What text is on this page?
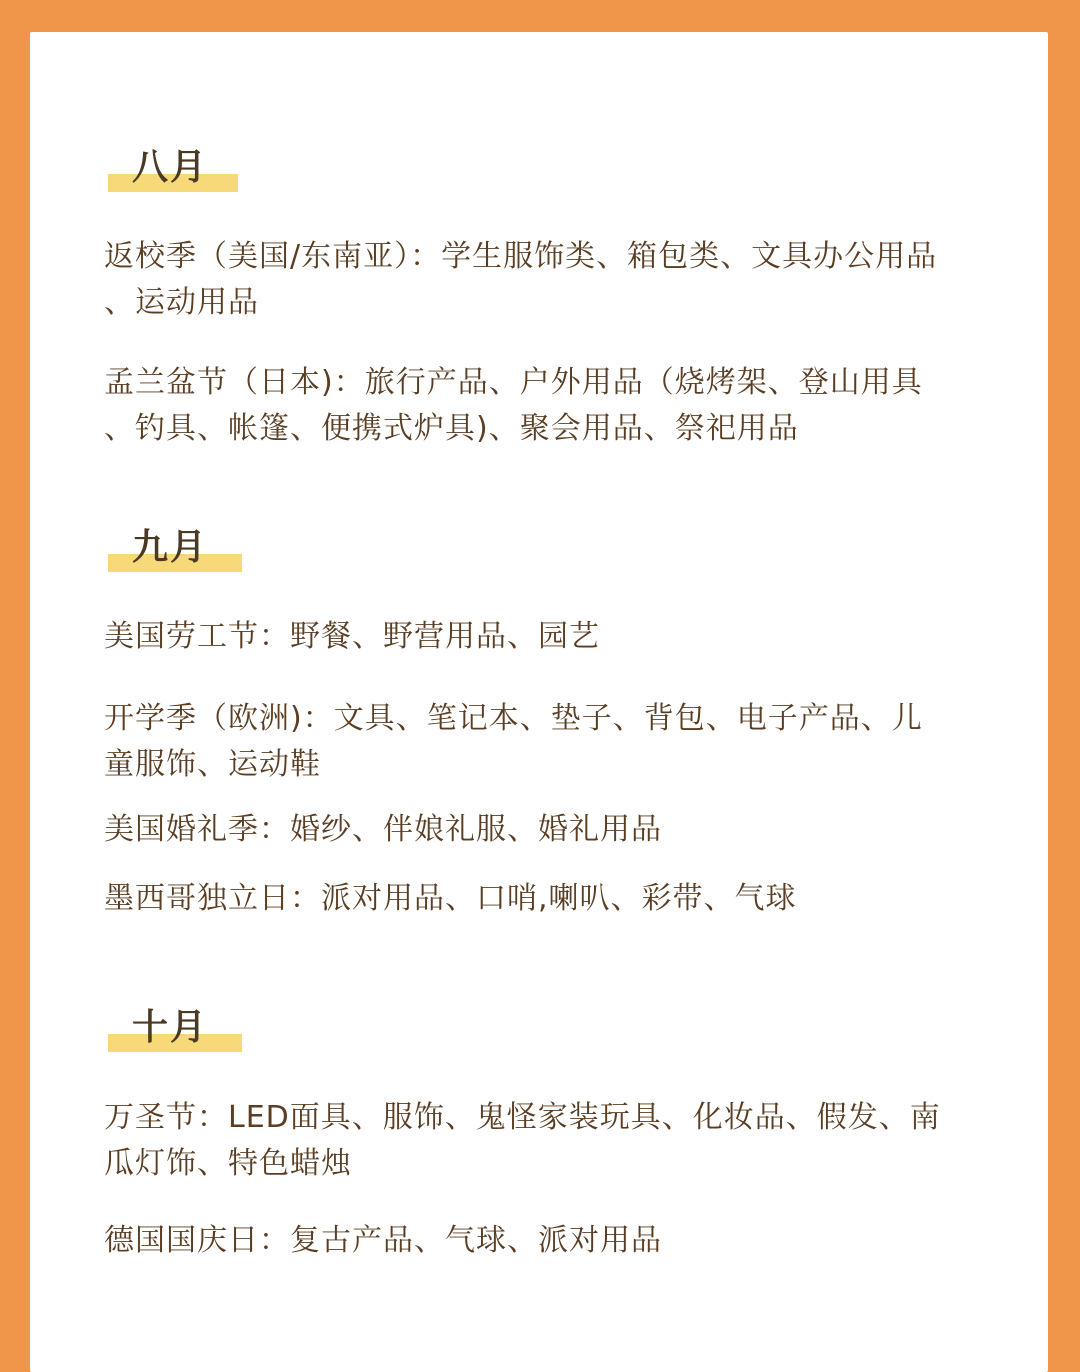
八月
返校季（美国/东南亚）：学生服饰类、箱包类、文具办公用品
、运动用品
孟兰盆节（日本)：旅行产品、户外用品（烧烤架、登山用具
、钓具、帐篷、便携式炉具)、聚会用品、祭祀用品
九月
美国劳工节：野餐、野营用品、园艺
开学季（欧洲)：文具、笔记本、垫子、背包、电子产品、儿
童服饰、运动鞋
美国婚礼季：婚纱、伴娘礼服、婚礼用品
墨西哥独立日：派对用品、口哨,喇叭、彩带、气球
十月
万圣节：LED面具、服饰、鬼怪家装玩具、化妆品、假发、南
瓜灯饰、特色蜡烛
德国国庆日：复古产品、气球、派对用品
